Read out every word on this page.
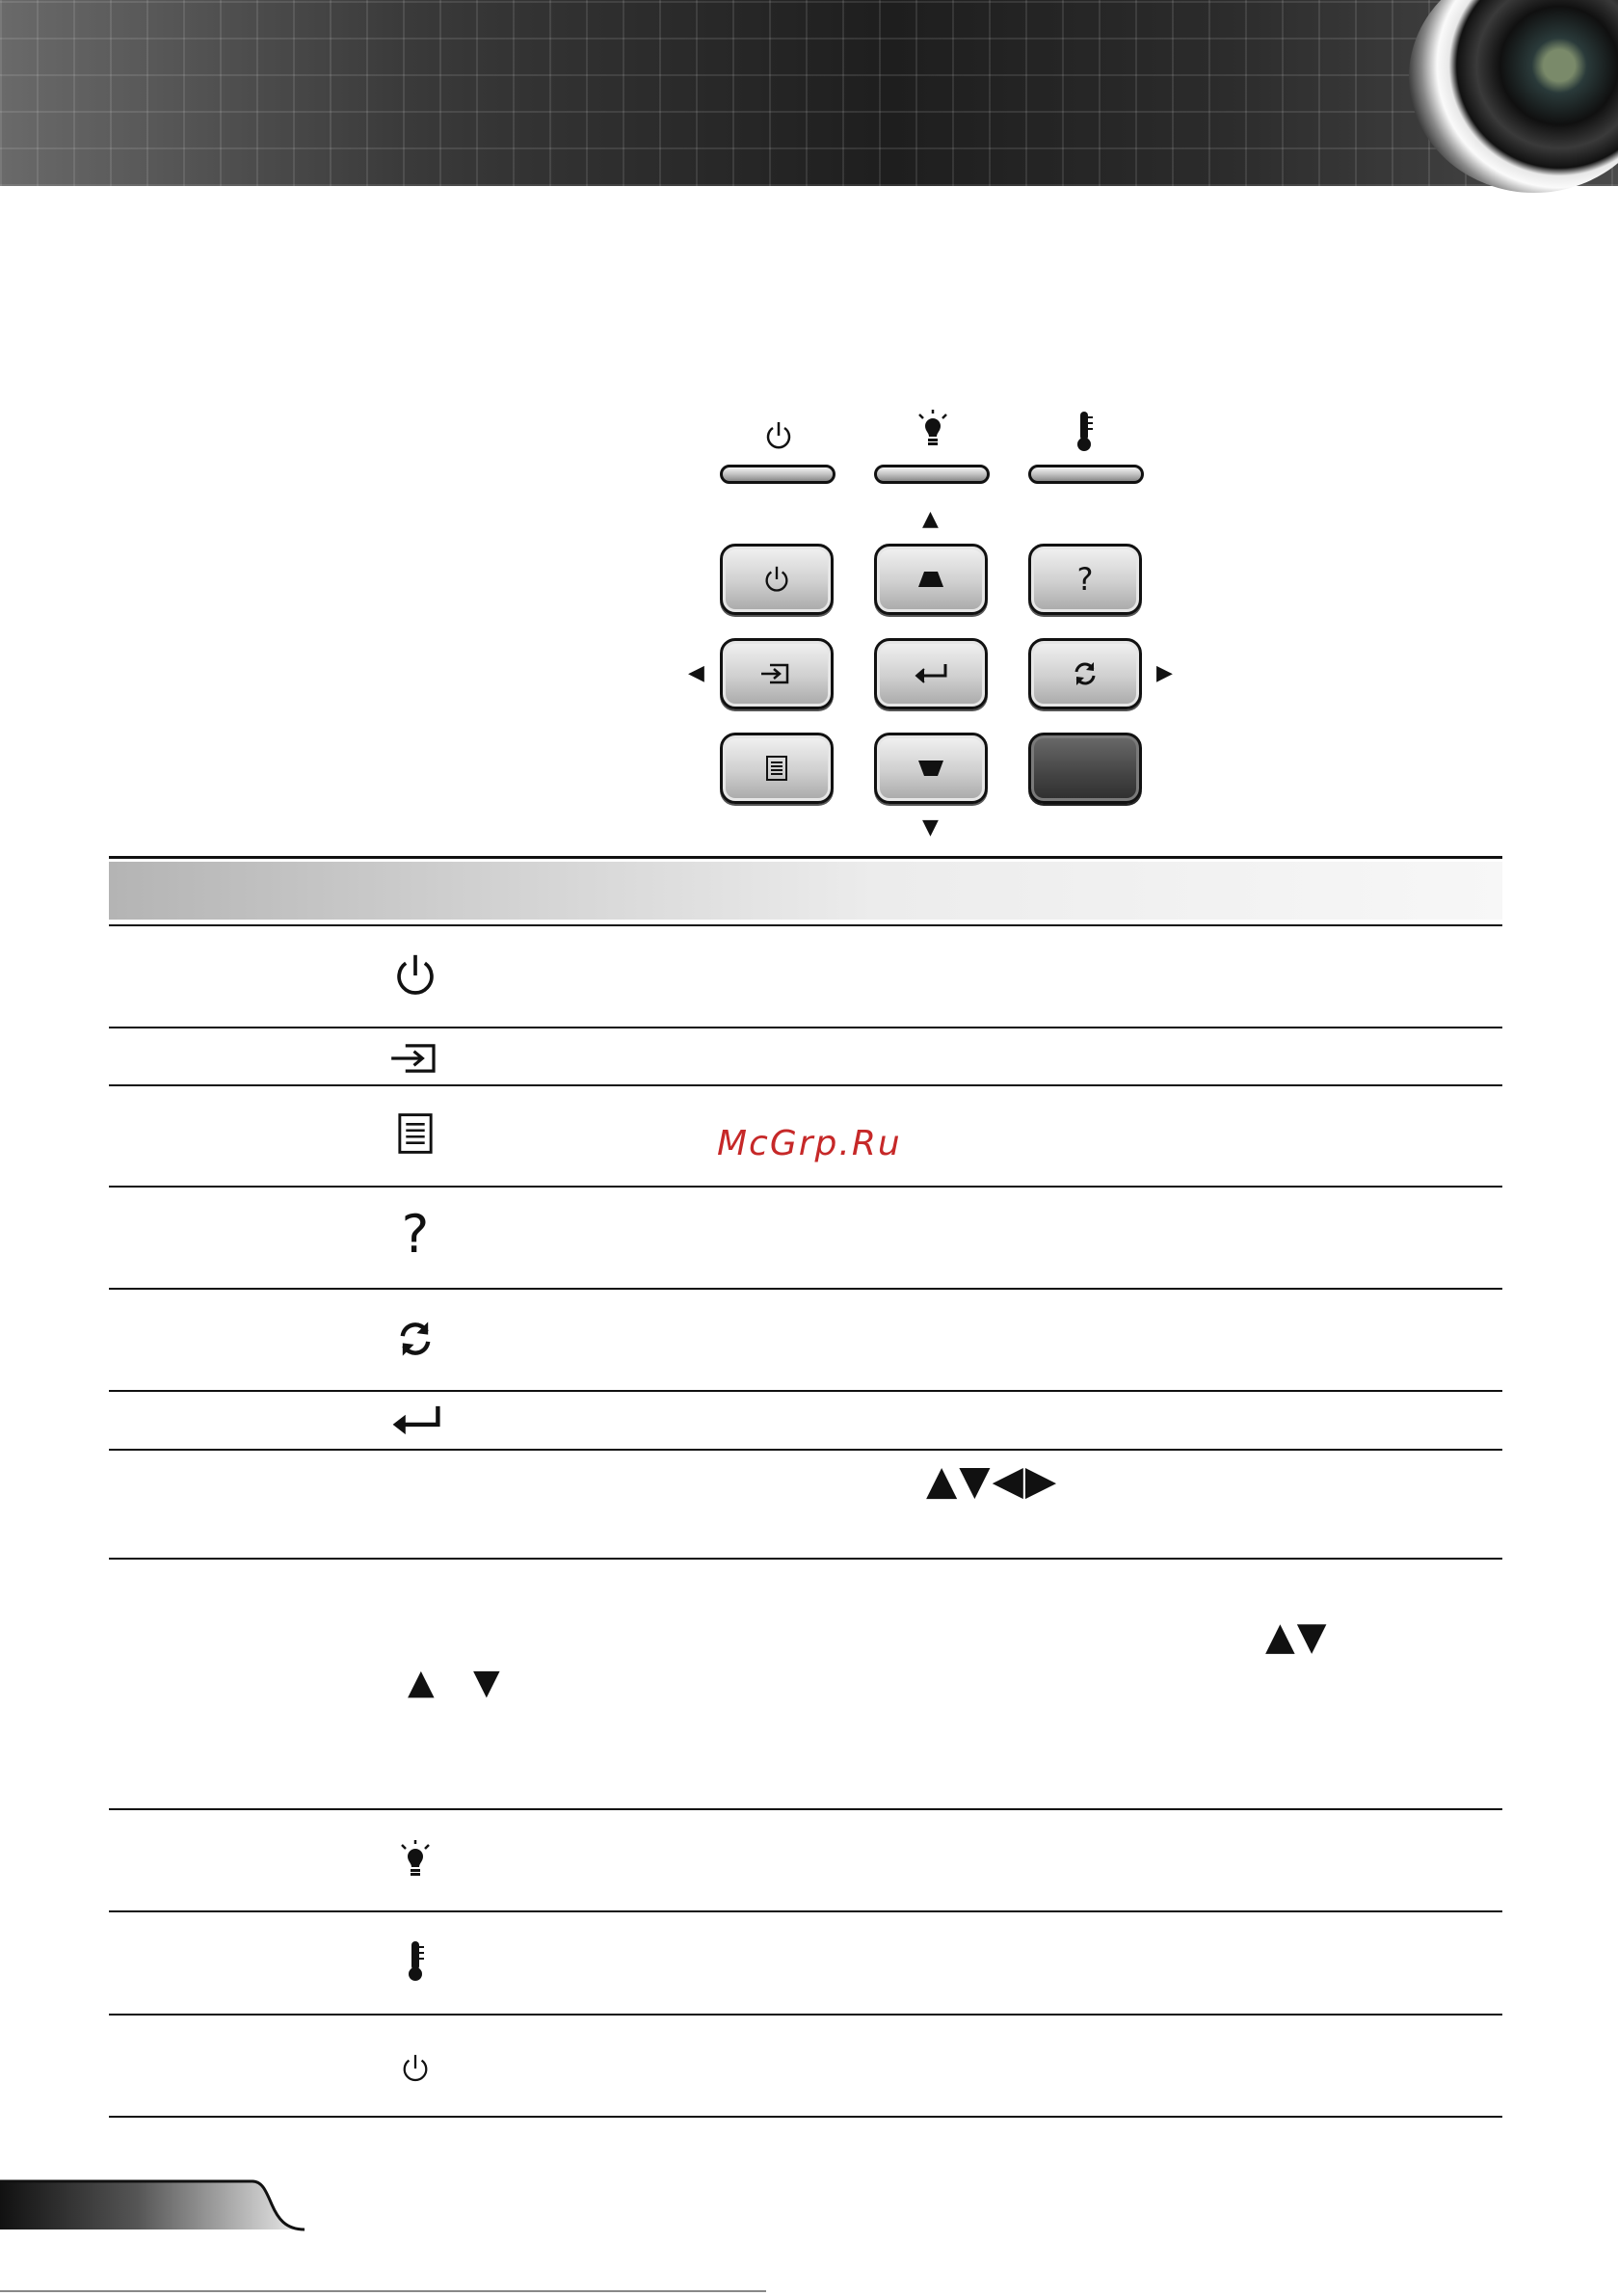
▲
▼
◀	▶
?
?
▲▼◀▶
▲ ▼
▲▼
McGrp.Ru
